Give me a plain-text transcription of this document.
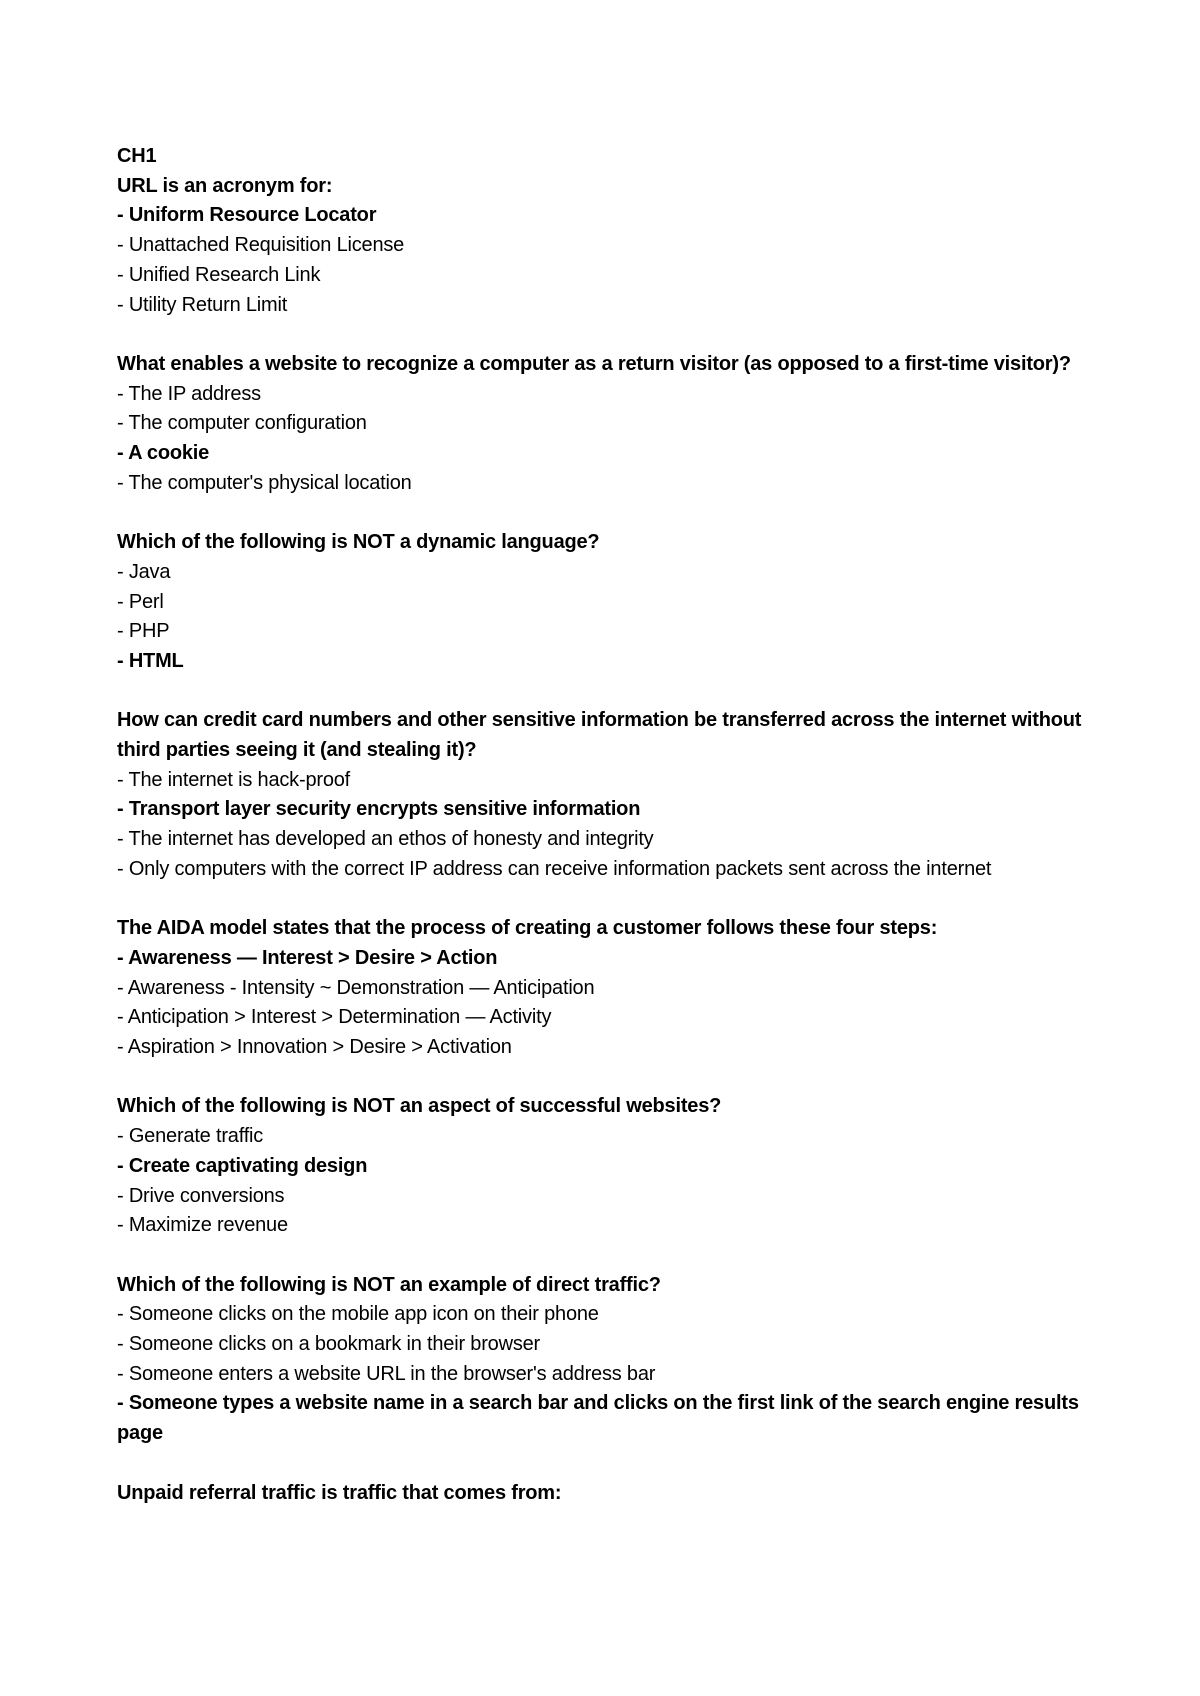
CH1
URL is an acronym for:
- Uniform Resource Locator
- Unattached Requisition License
- Unified Research Link
- Utility Return Limit
What enables a website to recognize a computer as a return visitor (as opposed to a first-time visitor)?
- The IP address
- The computer configuration
- A cookie
- The computer's physical location
Which of the following is NOT a dynamic language?
- Java
- Perl
- PHP
- HTML
How can credit card numbers and other sensitive information be transferred across the internet without third parties seeing it (and stealing it)?
- The internet is hack-proof
- Transport layer security encrypts sensitive information
- The internet has developed an ethos of honesty and integrity
- Only computers with the correct IP address can receive information packets sent across the internet
The AIDA model states that the process of creating a customer follows these four steps:
- Awareness — Interest > Desire > Action
- Awareness - Intensity ~ Demonstration — Anticipation
- Anticipation > Interest > Determination — Activity
- Aspiration > Innovation > Desire > Activation
Which of the following is NOT an aspect of successful websites?
- Generate traffic
- Create captivating design
- Drive conversions
- Maximize revenue
Which of the following is NOT an example of direct traffic?
- Someone clicks on the mobile app icon on their phone
- Someone clicks on a bookmark in their browser
- Someone enters a website URL in the browser's address bar
- Someone types a website name in a search bar and clicks on the first link of the search engine results page
Unpaid referral traffic is traffic that comes from:
